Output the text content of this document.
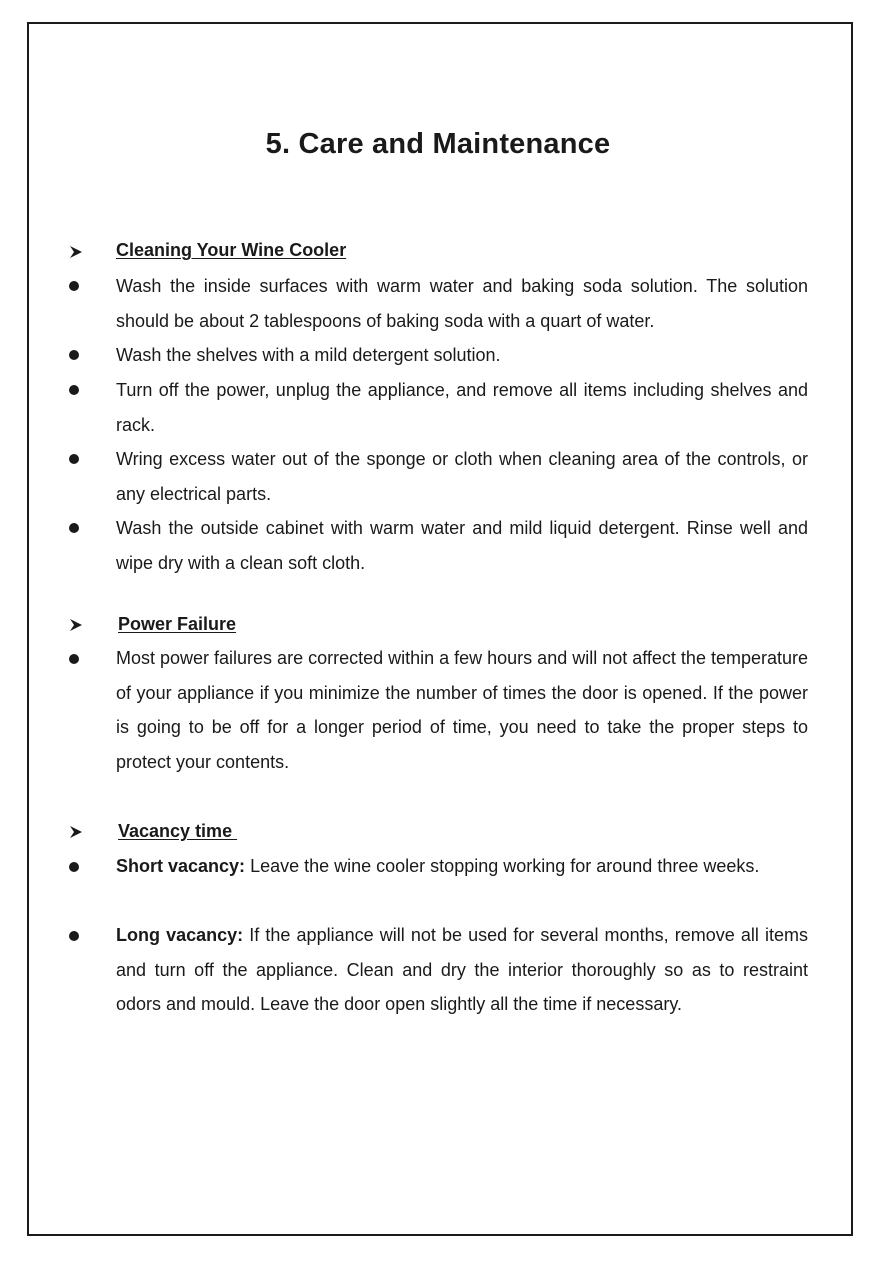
5. Care and Maintenance
Cleaning Your Wine Cooler
Wash the inside surfaces with warm water and baking soda solution. The solution should be about 2 tablespoons of baking soda with a quart of water.
Wash the shelves with a mild detergent solution.
Turn off the power, unplug the appliance, and remove all items including shelves and rack.
Wring excess water out of the sponge or cloth when cleaning area of the controls, or any electrical parts.
Wash the outside cabinet with warm water and mild liquid detergent. Rinse well and wipe dry with a clean soft cloth.
Power Failure
Most power failures are corrected within a few hours and will not affect the temperature of your appliance if you minimize the number of times the door is opened. If the power is going to be off for a longer period of time, you need to take the proper steps to protect your contents.
Vacancy time
Short vacancy: Leave the wine cooler stopping working for around three weeks.
Long vacancy: If the appliance will not be used for several months, remove all items and turn off the appliance. Clean and dry the interior thoroughly so as to restraint odors and mould. Leave the door open slightly all the time if necessary.
